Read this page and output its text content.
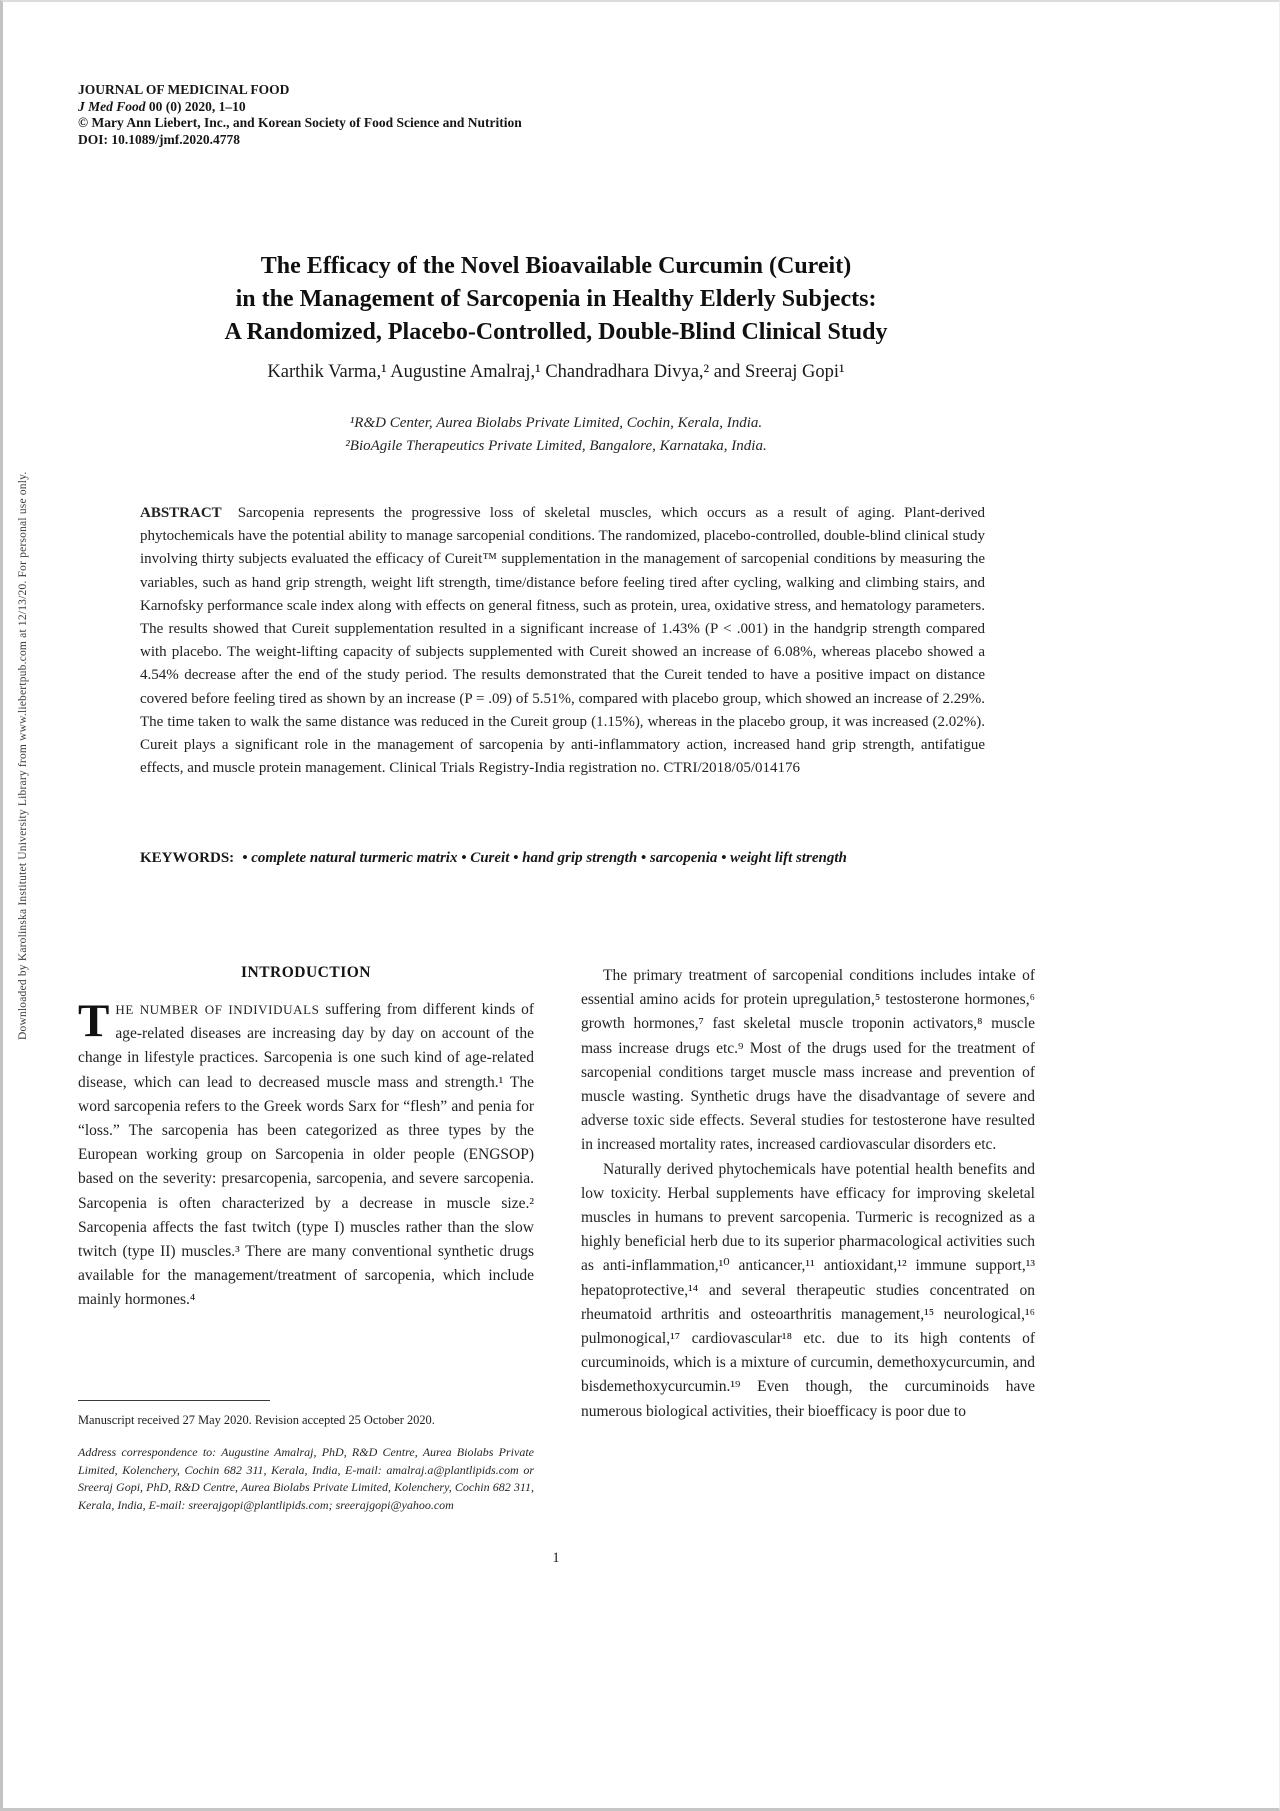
Downloaded by Karolinska Institutet University Library from www.liebertpub.com at 12/13/20. For personal use only.
JOURNAL OF MEDICINAL FOOD
J Med Food 00 (0) 2020, 1–10
© Mary Ann Liebert, Inc., and Korean Society of Food Science and Nutrition
DOI: 10.1089/jmf.2020.4778
The Efficacy of the Novel Bioavailable Curcumin (Cureit)
in the Management of Sarcopenia in Healthy Elderly Subjects:
A Randomized, Placebo-Controlled, Double-Blind Clinical Study
Karthik Varma,¹ Augustine Amalraj,¹ Chandradhara Divya,² and Sreeraj Gopi¹
¹R&D Center, Aurea Biolabs Private Limited, Cochin, Kerala, India.
²BioAgile Therapeutics Private Limited, Bangalore, Karnataka, India.

ABSTRACT Sarcopenia represents the progressive loss of skeletal muscles, which occurs as a result of aging. Plant-derived phytochemicals have the potential ability to manage sarcopenial conditions. The randomized, placebo-controlled, double-blind clinical study involving thirty subjects evaluated the efficacy of Cureit™ supplementation in the management of sarcopenial conditions by measuring the variables, such as hand grip strength, weight lift strength, time/distance before feeling tired after cycling, walking and climbing stairs, and Karnofsky performance scale index along with effects on general fitness, such as protein, urea, oxidative stress, and hematology parameters. The results showed that Cureit supplementation resulted in a significant increase of 1.43% (P < .001) in the handgrip strength compared with placebo. The weight-lifting capacity of subjects supplemented with Cureit showed an increase of 6.08%, whereas placebo showed a 4.54% decrease after the end of the study period. The results demonstrated that the Cureit tended to have a positive impact on distance covered before feeling tired as shown by an increase (P = .09) of 5.51%, compared with placebo group, which showed an increase of 2.29%. The time taken to walk the same distance was reduced in the Cureit group (1.15%), whereas in the placebo group, it was increased (2.02%). Cureit plays a significant role in the management of sarcopenia by anti-inflammatory action, increased hand grip strength, antifatigue effects, and muscle protein management. Clinical Trials Registry-India registration no. CTRI/2018/05/014176

KEYWORDS: • complete natural turmeric matrix • Cureit • hand grip strength • sarcopenia • weight lift strength

INTRODUCTION

THE NUMBER OF INDIVIDUALS suffering from different kinds of age-related diseases are increasing day by day on account of the change in lifestyle practices. Sarcopenia is one such kind of age-related disease, which can lead to decreased muscle mass and strength.¹ The word sarcopenia refers to the Greek words Sarx for “flesh” and penia for “loss.” The sarcopenia has been categorized as three types by the European working group on Sarcopenia in older people (ENGSOP) based on the severity: presarcopenia, sarcopenia, and severe sarcopenia. Sarcopenia is often characterized by a decrease in muscle size.² Sarcopenia affects the fast twitch (type I) muscles rather than the slow twitch (type II) muscles.³ There are many conventional synthetic drugs available for the management/treatment of sarcopenia, which include mainly hormones.⁴

The primary treatment of sarcopenial conditions includes intake of essential amino acids for protein upregulation,⁵ testosterone hormones,⁶ growth hormones,⁷ fast skeletal muscle troponin activators,⁸ muscle mass increase drugs etc.⁹ Most of the drugs used for the treatment of sarcopenial conditions target muscle mass increase and prevention of muscle wasting. Synthetic drugs have the disadvantage of severe and adverse toxic side effects. Several studies for testosterone have resulted in increased mortality rates, increased cardiovascular disorders etc.

Naturally derived phytochemicals have potential health benefits and low toxicity. Herbal supplements have efficacy for improving skeletal muscles in humans to prevent sarcopenia. Turmeric is recognized as a highly beneficial herb due to its superior pharmacological activities such as anti-inflammation,¹⁰ anticancer,¹¹ antioxidant,¹² immune support,¹³ hepatoprotective,¹⁴ and several therapeutic studies concentrated on rheumatoid arthritis and osteoarthritis management,¹⁵ neurological,¹⁶ pulmonogical,¹⁷ cardiovascular¹⁸ etc. due to its high contents of curcuminoids, which is a mixture of curcumin, demethoxycurcumin, and bisdemethoxycurcumin.¹⁹ Even though, the curcuminoids have numerous biological activities, their bioefficacy is poor due to

Manuscript received 27 May 2020. Revision accepted 25 October 2020.

Address correspondence to: Augustine Amalraj, PhD, R&D Centre, Aurea Biolabs Private Limited, Kolenchery, Cochin 682 311, Kerala, India, E-mail: amalraj.a@plantlipids.com or Sreeraj Gopi, PhD, R&D Centre, Aurea Biolabs Private Limited, Kolenchery, Cochin 682 311, Kerala, India, E-mail: sreerajgopi@plantlipids.com; sreerajgopi@yahoo.com

1
